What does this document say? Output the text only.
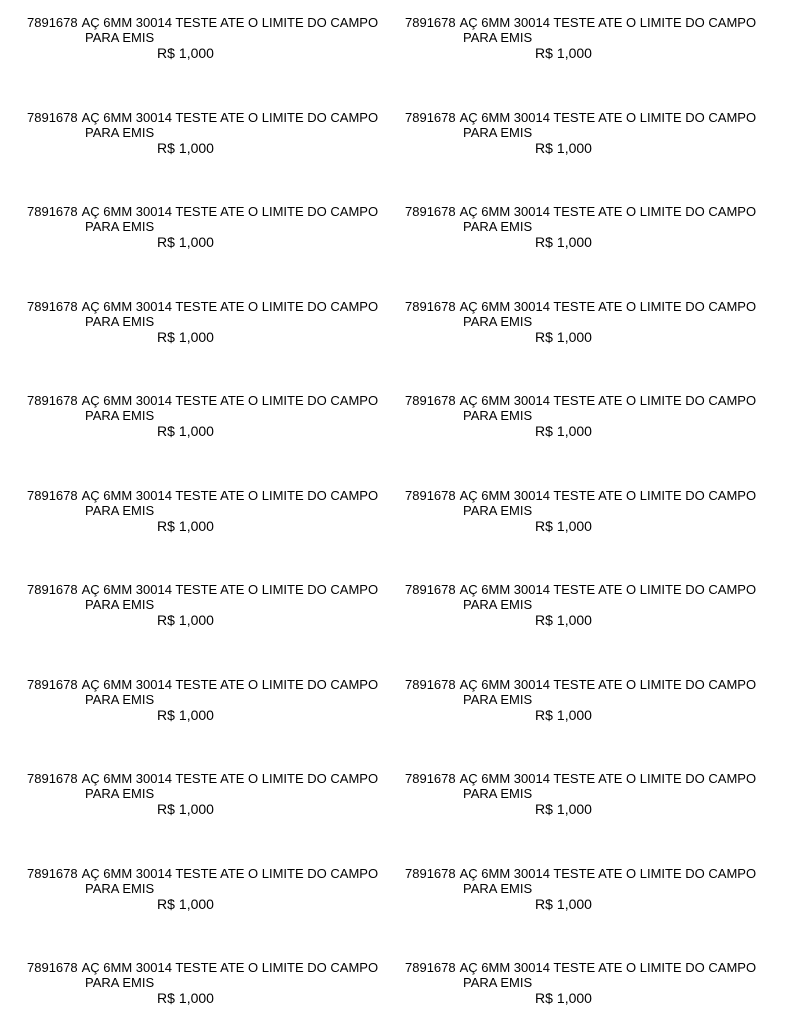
7891678 AÇ 6MM 30014 TESTE ATE O LIMITE DO CAMPO
PARA EMIS
R$ 1,000
7891678 AÇ 6MM 30014 TESTE ATE O LIMITE DO CAMPO
PARA EMIS
R$ 1,000
7891678 AÇ 6MM 30014 TESTE ATE O LIMITE DO CAMPO
PARA EMIS
R$ 1,000
7891678 AÇ 6MM 30014 TESTE ATE O LIMITE DO CAMPO
PARA EMIS
R$ 1,000
7891678 AÇ 6MM 30014 TESTE ATE O LIMITE DO CAMPO
PARA EMIS
R$ 1,000
7891678 AÇ 6MM 30014 TESTE ATE O LIMITE DO CAMPO
PARA EMIS
R$ 1,000
7891678 AÇ 6MM 30014 TESTE ATE O LIMITE DO CAMPO
PARA EMIS
R$ 1,000
7891678 AÇ 6MM 30014 TESTE ATE O LIMITE DO CAMPO
PARA EMIS
R$ 1,000
7891678 AÇ 6MM 30014 TESTE ATE O LIMITE DO CAMPO
PARA EMIS
R$ 1,000
7891678 AÇ 6MM 30014 TESTE ATE O LIMITE DO CAMPO
PARA EMIS
R$ 1,000
7891678 AÇ 6MM 30014 TESTE ATE O LIMITE DO CAMPO
PARA EMIS
R$ 1,000
7891678 AÇ 6MM 30014 TESTE ATE O LIMITE DO CAMPO
PARA EMIS
R$ 1,000
7891678 AÇ 6MM 30014 TESTE ATE O LIMITE DO CAMPO
PARA EMIS
R$ 1,000
7891678 AÇ 6MM 30014 TESTE ATE O LIMITE DO CAMPO
PARA EMIS
R$ 1,000
7891678 AÇ 6MM 30014 TESTE ATE O LIMITE DO CAMPO
PARA EMIS
R$ 1,000
7891678 AÇ 6MM 30014 TESTE ATE O LIMITE DO CAMPO
PARA EMIS
R$ 1,000
7891678 AÇ 6MM 30014 TESTE ATE O LIMITE DO CAMPO
PARA EMIS
R$ 1,000
7891678 AÇ 6MM 30014 TESTE ATE O LIMITE DO CAMPO
PARA EMIS
R$ 1,000
7891678 AÇ 6MM 30014 TESTE ATE O LIMITE DO CAMPO
PARA EMIS
R$ 1,000
7891678 AÇ 6MM 30014 TESTE ATE O LIMITE DO CAMPO
PARA EMIS
R$ 1,000
7891678 AÇ 6MM 30014 TESTE ATE O LIMITE DO CAMPO
PARA EMIS
R$ 1,000
7891678 AÇ 6MM 30014 TESTE ATE O LIMITE DO CAMPO
PARA EMIS
R$ 1,000
